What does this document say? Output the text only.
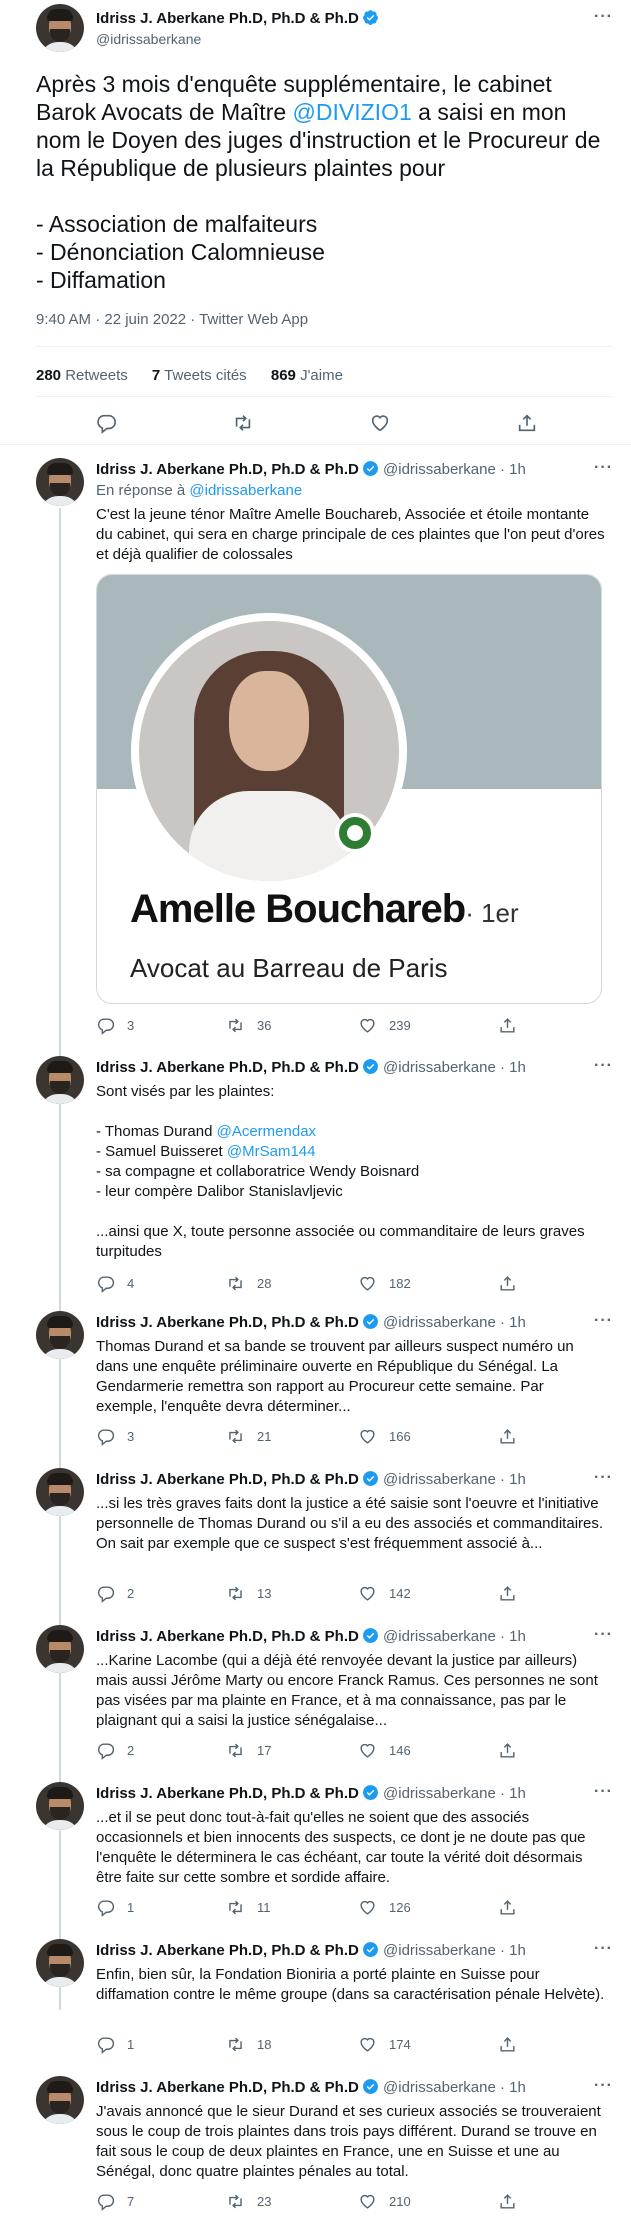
Idriss J. Aberkane Ph.D, Ph.D & Ph.D
@idrissaberkane
···
Après 3 mois d'enquête supplémentaire, le cabinet Barok Avocats de Maître @DIVIZIO1 a saisi en mon nom le Doyen des juges d'instruction et le Procureur de la République de plusieurs plaintes pour

- Association de malfaiteurs
- Dénonciation Calomnieuse
- Diffamation
9:40 AM · 22 juin 2022 · Twitter Web App
280 Retweets 7 Tweets cités 869 J'aime
Idriss J. Aberkane Ph.D, Ph.D & Ph.D @idrissaberkane · 1h	···
En réponse à @idrissaberkane
C'est la jeune ténor Maître Amelle Bouchareb, Associée et étoile montante du cabinet, qui sera en charge principale de ces plaintes que l'on peut d'ores et déjà qualifier de colossales
Amelle Bouchareb· 1er
Avocat au Barreau de Paris
3	36	239
Idriss J. Aberkane Ph.D, Ph.D & Ph.D @idrissaberkane · 1h	···
Sont visés par les plaintes:
- Thomas Durand @Acermendax
- Samuel Buisseret @MrSam144
- sa compagne et collaboratrice Wendy Boisnard
- leur compère Dalibor Stanislavljevic
...ainsi que X, toute personne associée ou commanditaire de leurs graves turpitudes
4	28	182
Idriss J. Aberkane Ph.D, Ph.D & Ph.D @idrissaberkane · 1h	···
Thomas Durand et sa bande se trouvent par ailleurs suspect numéro un dans une enquête préliminaire ouverte en République du Sénégal. La Gendarmerie remettra son rapport au Procureur cette semaine. Par exemple, l'enquête devra déterminer...
3	21	166
Idriss J. Aberkane Ph.D, Ph.D & Ph.D @idrissaberkane · 1h	···
...si les très graves faits dont la justice a été saisie sont l'oeuvre et l'initiative personnelle de Thomas Durand ou s'il a eu des associés et commanditaires. On sait par exemple que ce suspect s'est fréquemment associé à...
2	13	142
Idriss J. Aberkane Ph.D, Ph.D & Ph.D @idrissaberkane · 1h	···
...Karine Lacombe (qui a déjà été renvoyée devant la justice par ailleurs) mais aussi Jérôme Marty ou encore Franck Ramus. Ces personnes ne sont pas visées par ma plainte en France, et à ma connaissance, pas par le plaignant qui a saisi la justice sénégalaise...
2	17	146
Idriss J. Aberkane Ph.D, Ph.D & Ph.D @idrissaberkane · 1h	···
...et il se peut donc tout-à-fait qu'elles ne soient que des associés occasionnels et bien innocents des suspects, ce dont je ne doute pas que l'enquête le déterminera le cas échéant, car toute la vérité doit désormais être faite sur cette sombre et sordide affaire.
1	11	126
Idriss J. Aberkane Ph.D, Ph.D & Ph.D @idrissaberkane · 1h	···
Enfin, bien sûr, la Fondation Bioniria a porté plainte en Suisse pour diffamation contre le même groupe (dans sa caractérisation pénale Helvète).
1	18	174
Idriss J. Aberkane Ph.D, Ph.D & Ph.D @idrissaberkane · 1h	···
J'avais annoncé que le sieur Durand et ses curieux associés se trouveraient sous le coup de trois plaintes dans trois pays différent. Durand se trouve en fait sous le coup de deux plaintes en France, une en Suisse et une au Sénégal, donc quatre plaintes pénales au total.
7	23	210
